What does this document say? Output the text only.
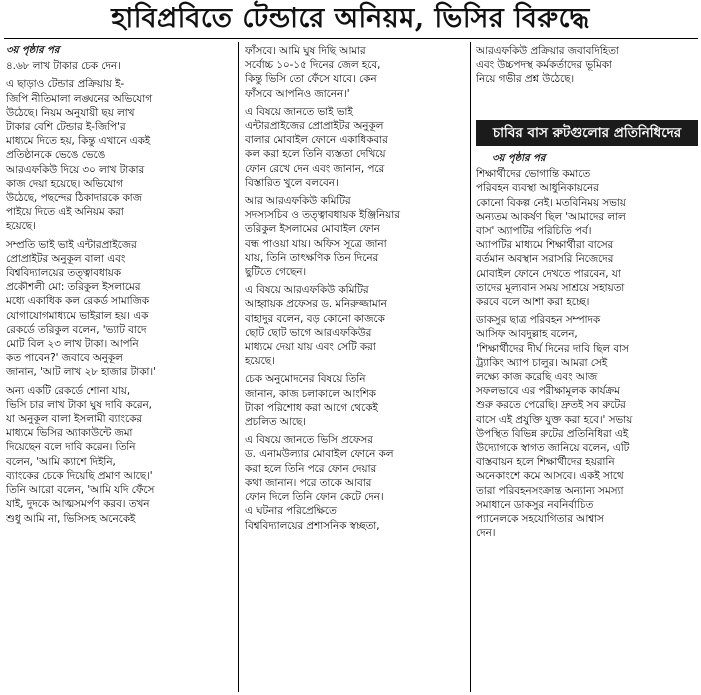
হাবিপ্রবিতে টেন্ডারে অনিয়ম, ভিসির বিরুদ্ধে
৩য় পৃষ্ঠার পর

৪.৬৮ লাখ টাকার চেক দেন।

এ ছাড়াও টেন্ডার প্রক্রিয়ায় ই-
জিপি নীতিমালা লঙ্ঘনের অভিযোগ
উঠেছে। নিয়ম অনুযায়ী ছয় লাখ
টাকার বেশি টেন্ডার ই-জিপি'র
মাধ্যমে দিতে হয়, কিন্তু এখানে একই
প্রতিষ্ঠানকে ভেঙে ভেঙে
আরএফকিউ দিয়ে ৩০ লাখ টাকার
কাজ দেয়া হয়েছে। অভিযোগ
উঠেছে, পছন্দের ঠিকাদারকে কাজ
পাইয়ে দিতে এই অনিয়ম করা
হয়েছে।

সম্প্রতি ভাই ভাই এন্টারপ্রাইজের
প্রোপ্রাইটর অনুকূল বালা এবং
বিশ্ববিদ্যালয়ের তত্ত্বাবধায়ক
প্রকৌশলী মো: তরিকুল ইসলামের
মধ্যে একাধিক কল রেকর্ড সামাজিক
যোগাযোগমাধ্যমে ভাইরাল হয়। এক
রেকর্ডে তরিকুল বলেন, 'ভ্যাট বাদে
মোট বিল ২৩ লাখ টাকা। আপনি
কত পাবেন?' জবাবে অনুকূল
জানান, 'আট লাখ ২৮ হাজার টাকা।'

অন্য একটি রেকর্ডে শোনা যায়,
ভিসি চার লাখ টাকা ঘুষ দাবি করেন,
যা অনুকূল বালা ইসলামী ব্যাংকের
মাধ্যমে ভিসির অ্যাকাউন্টে জমা
দিয়েছেন বলে দাবি করেন। তিনি
বলেন, 'আমি ক্যাশে দিইনি,
ব্যাংকের চেকে দিয়েছি প্রমাণ আছে।'
তিনি আরো বলেন, 'আমি যদি ফেঁসে
যাই, দুদকে আত্মসমর্পণ করব। তখন
শুধু আমি না, ভিসিসহ অনেকেই

ফাঁসবে। আমি ঘুষ দিছি আমার
সর্বোচ্চ ১০-১৫ দিনের জেল হবে,
কিন্তু ভিসি তো ফেঁসে যাবে। কেন
ফাঁসবে আপনিও জানেন।'

এ বিষয়ে জানতে ভাই ভাই
এন্টারপ্রাইজের প্রোপ্রাইটর অনুকূল
বালার মোবাইল ফোনে একাধিকবার
কল করা হলে তিনি ব্যস্ততা দেখিয়ে
ফোন রেখে দেন এবং জানান, পরে
বিস্তারিত খুলে বলবেন।

আর আরএফকিউ কমিটির
সদস্যসচিব ও তত্ত্বাবধায়ক ইঞ্জিনিয়ার
তরিকুল ইসলামের মোবাইল ফোন
বন্ধ পাওয়া যায়। অফিস সূত্রে জানা
যায়, তিনি তাৎক্ষণিক তিন দিনের
ছুটিতে গেছেন।

এ বিষয়ে আরএফকিউ কমিটির
আহ্বায়ক প্রফেসর ড. মনিরুজ্জামান
বাহাদুর বলেন, বড় কোনো কাজকে
ছোট ছোট ভাগে আরএফকিউর
মাধ্যমে দেয়া যায় এবং সেটি করা
হয়েছে।

চেক অনুমোদনের বিষয়ে তিনি
জানান, কাজ চলাকালে আংশিক
টাকা পরিশোধ করা আগে থেকেই
প্রচলিত আছে।

এ বিষয়ে জানতে ভিসি প্রফেসর
ড. এনামউল্যার মোবাইল ফোনে কল
করা হলে তিনি পরে ফোন দেয়ার
কথা জানান। পরে তাকে আবার
ফোন দিলে তিনি ফোন কেটে দেন।
এ ঘটনার পরিপ্রেক্ষিতে
বিশ্ববিদ্যালয়ের প্রশাসনিক স্বচ্ছতা,

আরএফকিউ প্রক্রিয়ার জবাবদিহিতা
এবং উচ্চপদস্থ কর্মকর্তাদের ভূমিকা
নিয়ে গভীর প্রশ্ন উঠেছে।

চাবির বাস রুটগুলোর প্রতিনিধিদের
৩য় পৃষ্ঠার পর

শিক্ষার্থীদের ভোগান্তি কমাতে
পরিবহন ব্যবস্থা আধুনিকায়নের
কোনো বিকল্প নেই। মতবিনিময় সভায়
অন্যতম আকর্ষণ ছিল 'আমাদের লাল
বাস' অ্যাপটির পরিচিতি পর্ব।
অ্যাপটির মাধ্যমে শিক্ষার্থীরা বাসের
বর্তমান অবস্থান সরাসরি নিজেদের
মোবাইল ফোনে দেখতে পারবেন, যা
তাদের মূল্যবান সময় সাশ্রয়ে সহায়তা
করবে বলে আশা করা হচ্ছে।

ডাকসুর ছাত্র পরিবহন সম্পাদক
আসিফ আবদুল্লাহ বলেন,
'শিক্ষার্থীদের দীর্ঘ দিনের দাবি ছিল বাস
ট্র্যাকিং অ্যাপ চালুর। আমরা সেই
লক্ষ্যে কাজ করেছি এবং আজ
সফলভাবে এর পরীক্ষামূলক কার্যক্রম
শুরু করতে পেরেছি। দ্রুতই সব রুটের
বাসে এই প্রযুক্তি যুক্ত করা হবে।' সভায়
উপস্থিত বিভিন্ন রুটের প্রতিনিধিরা এই
উদ্যোগকে স্বাগত জানিয়ে বলেন, এটি
বাস্তবায়ন হলে শিক্ষার্থীদের হয়রানি
অনেকাংশে কমে আসবে। একই সাথে
তারা পরিবহনসংক্রান্ত অন্যান্য সমস্যা
সমাধানে ডাকসুর নবনির্বাচিত
প্যানেলকে সহযোগিতার আশ্বাস
দেন।
